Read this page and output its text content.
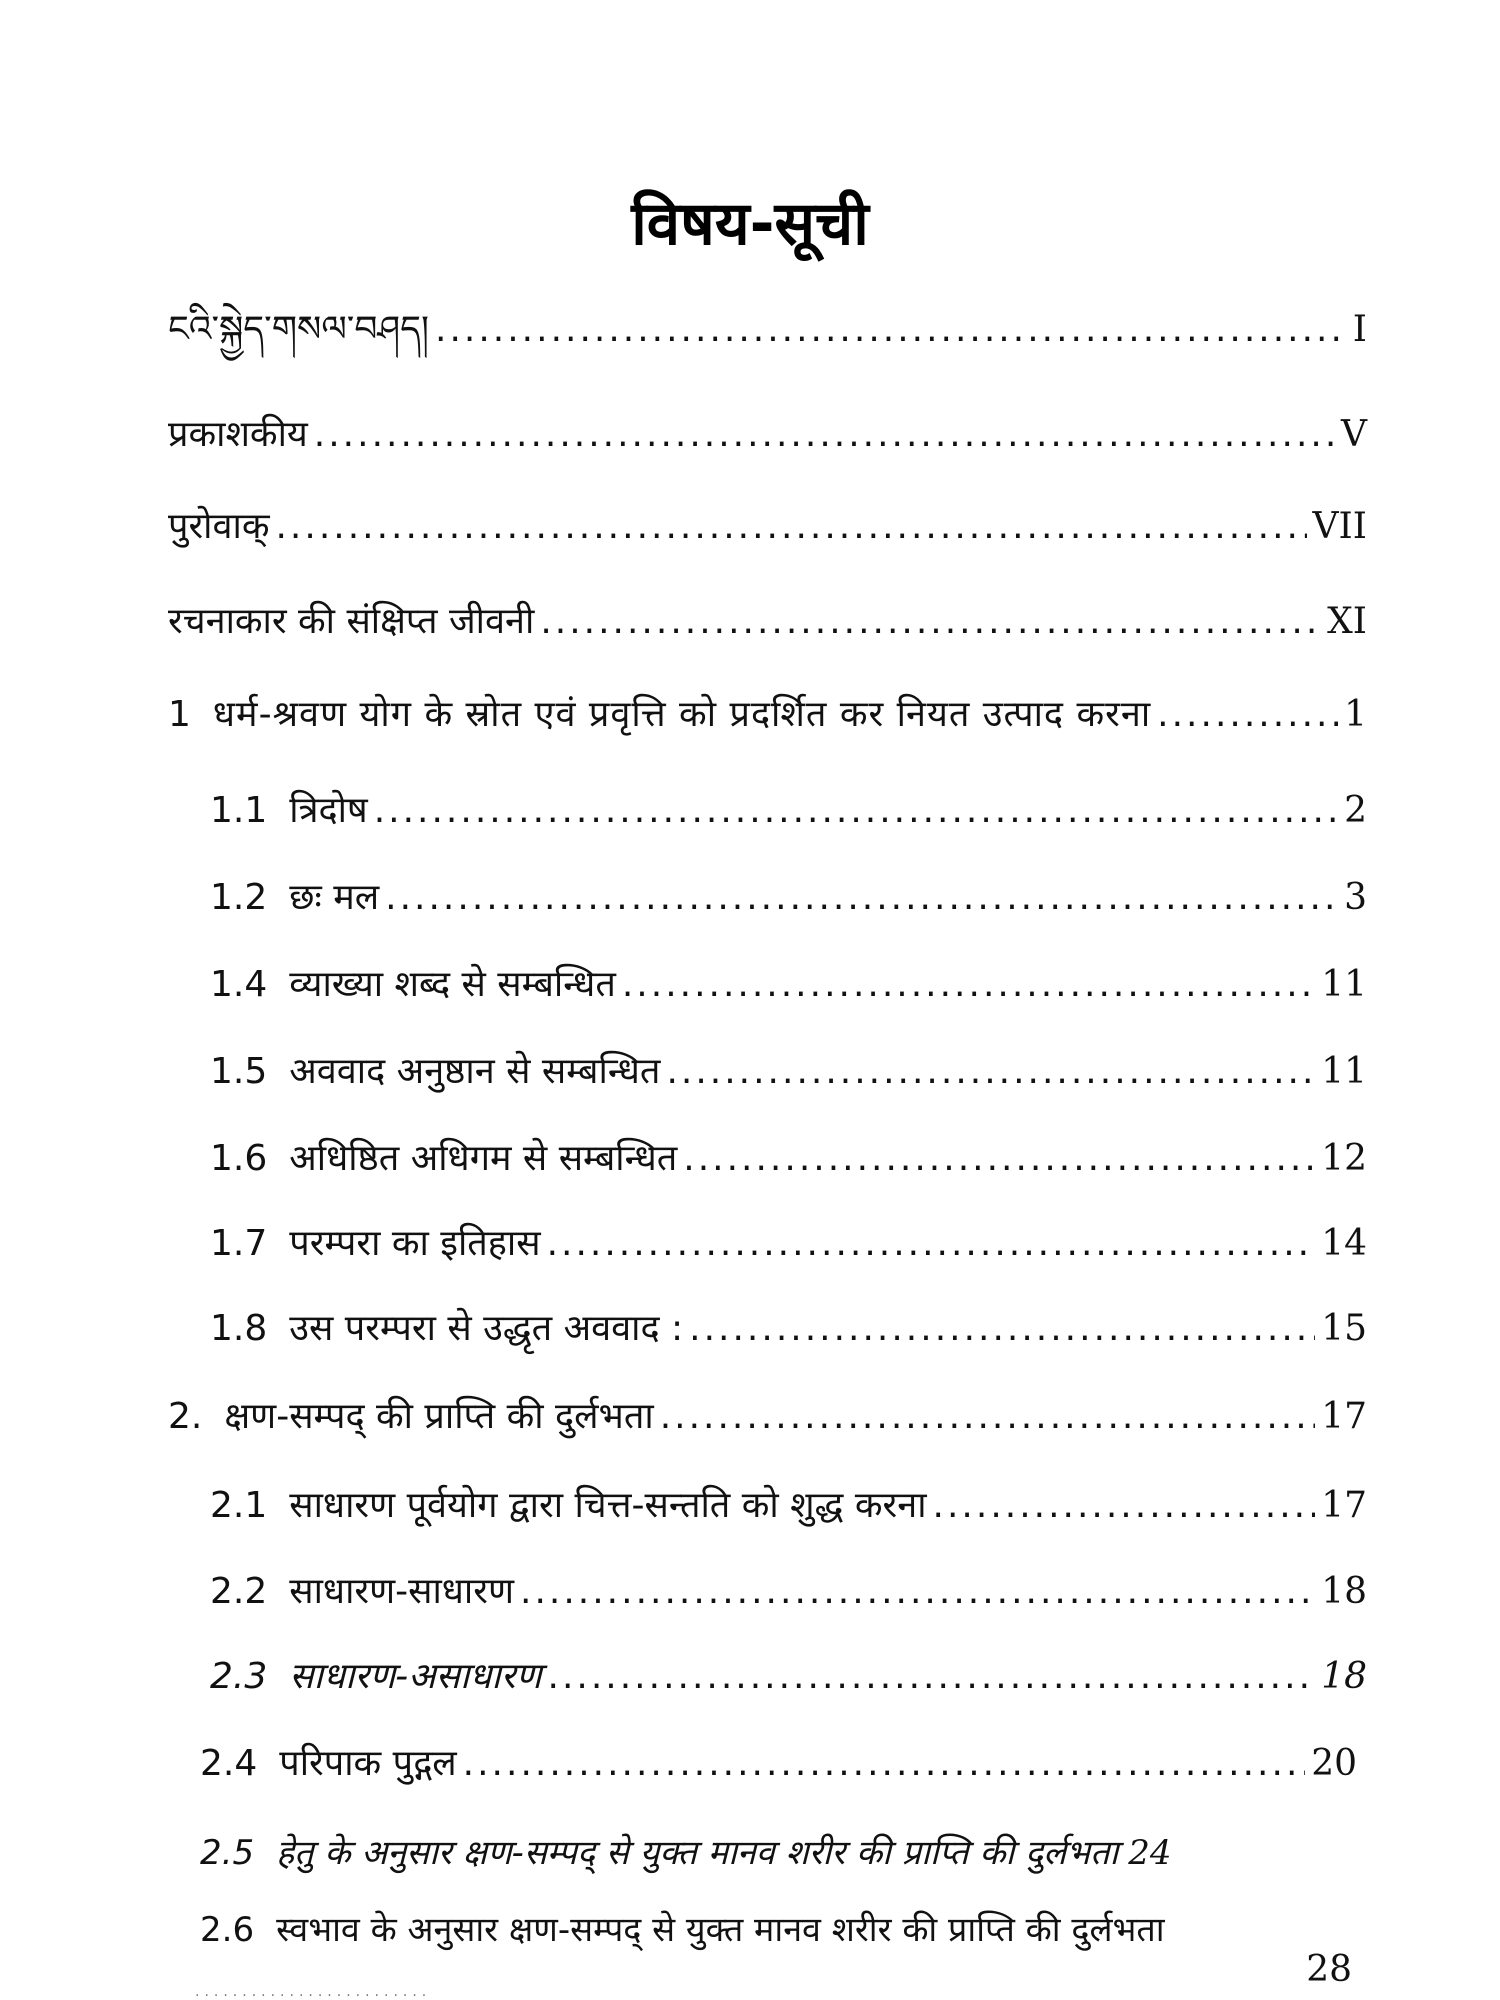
विषय-सूची
ངའི་སྐྱེད་གསལ་བཤད། .....	I
प्रकाशकीय .....	V
पुरोवाक् .....	VII
रचनाकार की संक्षिप्त जीवनी .....	XI
1 धर्म-श्रवण योग के स्रोत एवं प्रवृत्ति को प्रदर्शित कर नियत उत्पाद करना .....	1
1.1 त्रिदोष .....	2
1.2 छः मल .....	3
1.4 व्याख्या शब्द से सम्बन्धित .....	11
1.5 अववाद अनुष्ठान से सम्बन्धित .....	11
1.6 अधिष्ठित अधिगम से सम्बन्धित .....	12
1.7 परम्परा का इतिहास .....	14
1.8 उस परम्परा से उद्धृत अववाद : .....	15
2. क्षण-सम्पद् की प्राप्ति की दुर्लभता .....	17
2.1 साधारण पूर्वयोग द्वारा चित्त-सन्तति को शुद्ध करना .....	17
2.2 साधारण-साधारण .....	18
2.3 साधारण-असाधारण .....	18
2.4 परिपाक पुद्गल .....	20
2.5 हेतु के अनुसार क्षण-सम्पद् से युक्त मानव शरीर की प्राप्ति की दुर्लभता 24
2.6 स्वभाव के अनुसार क्षण-सम्पद् से युक्त मानव शरीर की प्राप्ति की दुर्लभता
.........................
28
